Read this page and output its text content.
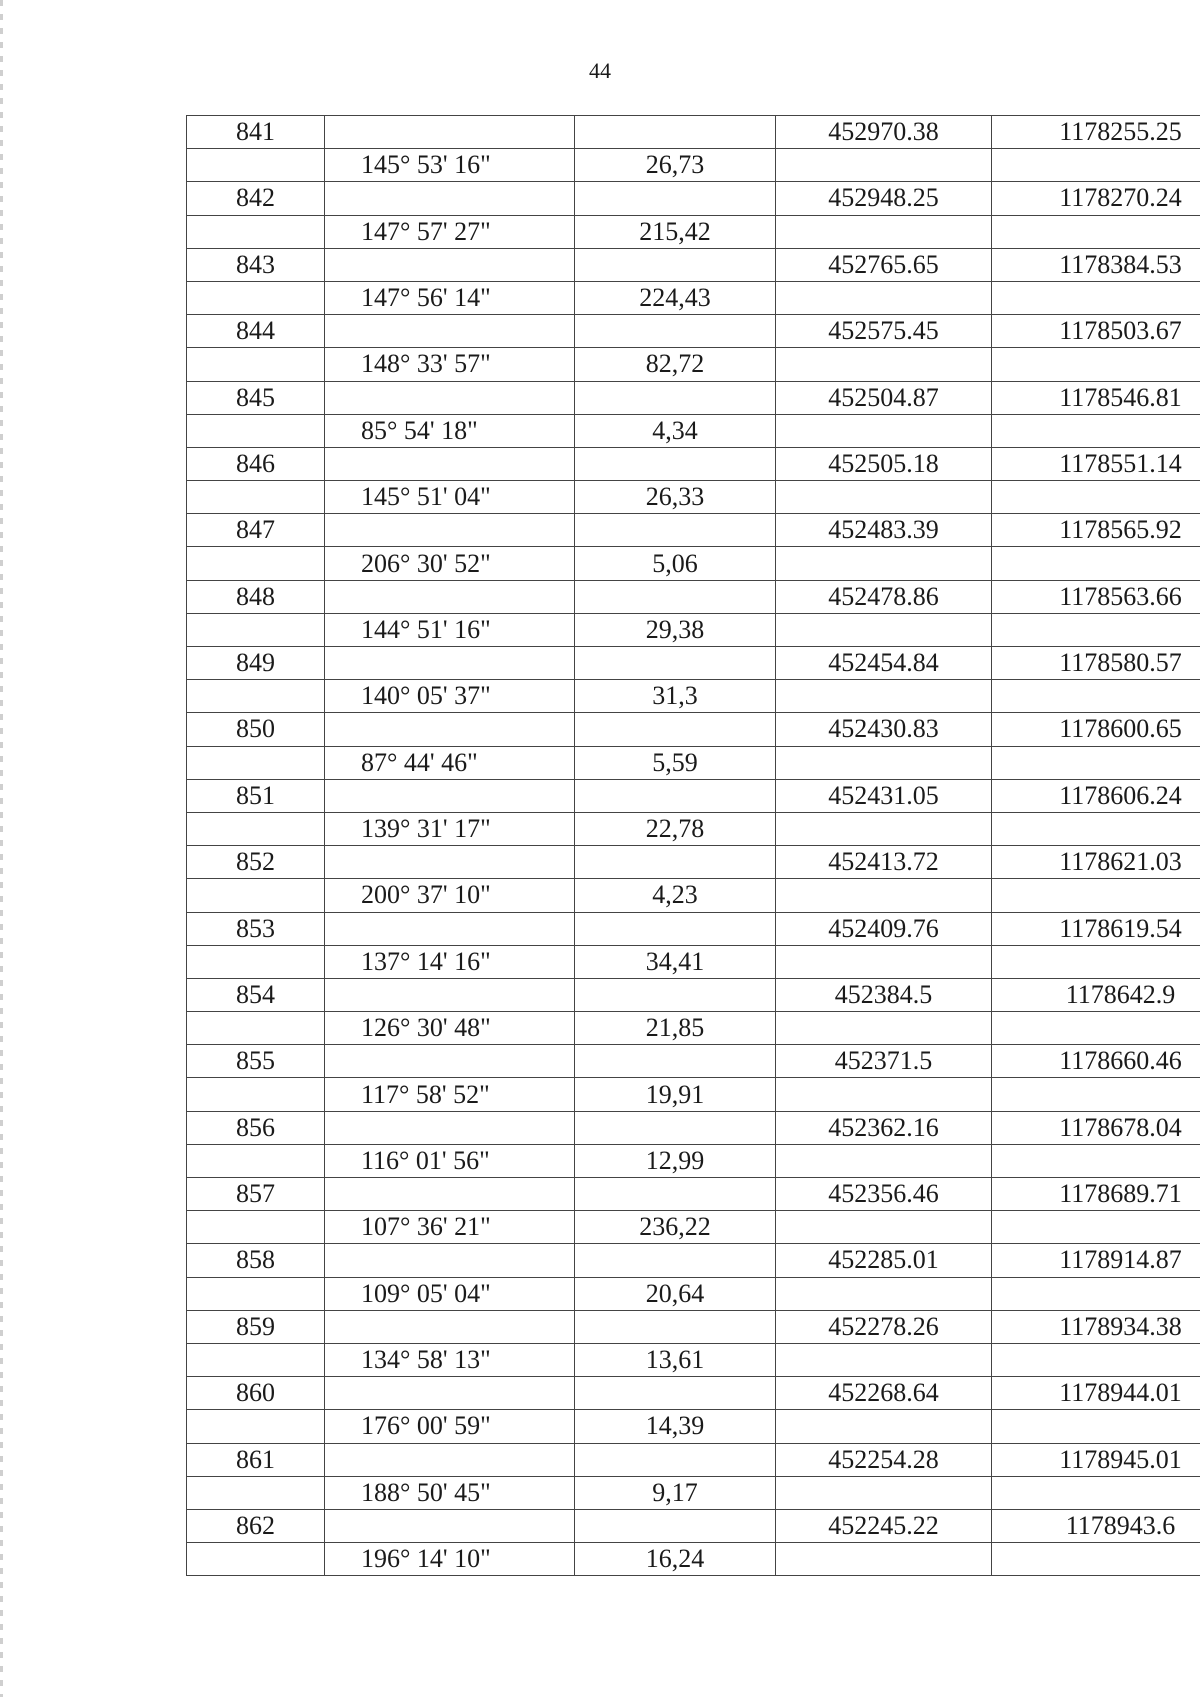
44
841			452970.38	1178255.25
	145° 53' 16"	26,73		
842			452948.25	1178270.24
	147° 57' 27"	215,42		
843			452765.65	1178384.53
	147° 56' 14"	224,43		
844			452575.45	1178503.67
	148° 33' 57"	82,72		
845			452504.87	1178546.81
	85° 54' 18"	4,34		
846			452505.18	1178551.14
	145° 51' 04"	26,33		
847			452483.39	1178565.92
	206° 30' 52"	5,06		
848			452478.86	1178563.66
	144° 51' 16"	29,38		
849			452454.84	1178580.57
	140° 05' 37"	31,3		
850			452430.83	1178600.65
	87° 44' 46"	5,59		
851			452431.05	1178606.24
	139° 31' 17"	22,78		
852			452413.72	1178621.03
	200° 37' 10"	4,23		
853			452409.76	1178619.54
	137° 14' 16"	34,41		
854			452384.5	1178642.9
	126° 30' 48"	21,85		
855			452371.5	1178660.46
	117° 58' 52"	19,91		
856			452362.16	1178678.04
	116° 01' 56"	12,99		
857			452356.46	1178689.71
	107° 36' 21"	236,22		
858			452285.01	1178914.87
	109° 05' 04"	20,64		
859			452278.26	1178934.38
	134° 58' 13"	13,61		
860			452268.64	1178944.01
	176° 00' 59"	14,39		
861			452254.28	1178945.01
	188° 50' 45"	9,17		
862			452245.22	1178943.6
	196° 14' 10"	16,24		
